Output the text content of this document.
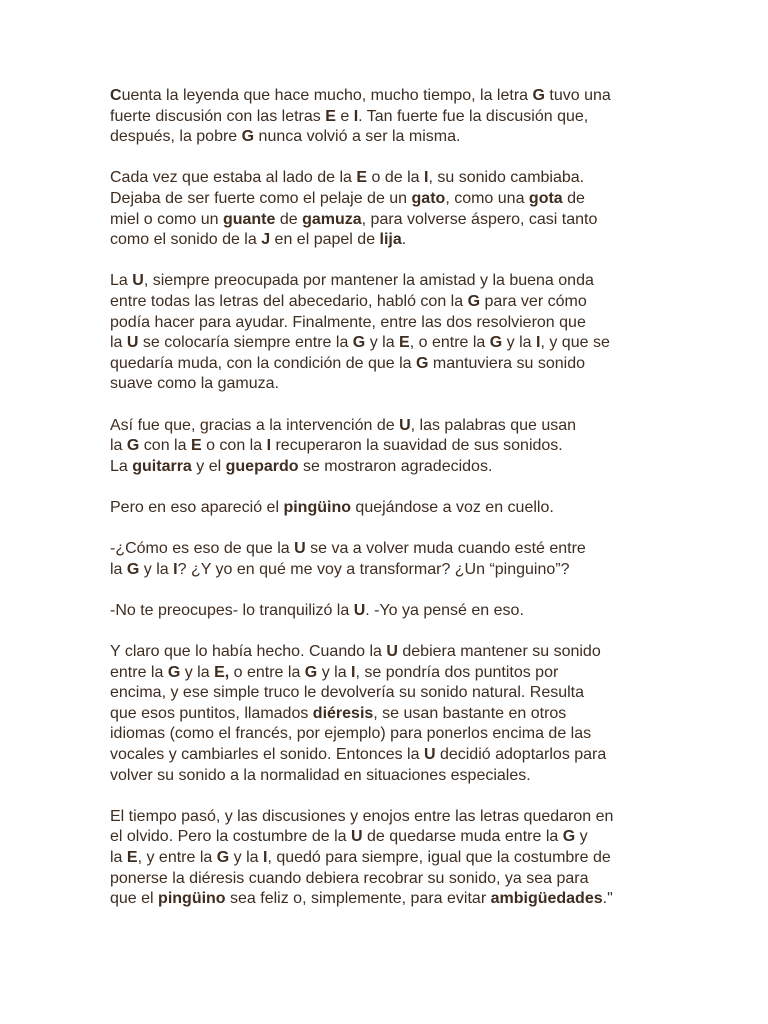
Cuenta la leyenda que hace mucho, mucho tiempo, la letra G tuvo una
fuerte discusión con las letras E e I. Tan fuerte fue la discusión que,
después, la pobre G nunca volvió a ser la misma.
Cada vez que estaba al lado de la E o de la I, su sonido cambiaba.
Dejaba de ser fuerte como el pelaje de un gato, como una gota de
miel o como un guante de gamuza, para volverse áspero, casi tanto
como el sonido de la J en el papel de lija.
La U, siempre preocupada por mantener la amistad y la buena onda
entre todas las letras del abecedario, habló con la G para ver cómo
podía hacer para ayudar. Finalmente, entre las dos resolvieron que
la U se colocaría siempre entre la G y la E, o entre la G y la I, y que se
quedaría muda, con la condición de que la G mantuviera su sonido
suave como la gamuza.
Así fue que, gracias a la intervención de U, las palabras que usan
la G con la E o con la I recuperaron la suavidad de sus sonidos.
La guitarra y el guepardo se mostraron agradecidos.
Pero en eso apareció el pingüino quejándose a voz en cuello.
-¿Cómo es eso de que la U se va a volver muda cuando esté entre
la G y la I? ¿Y yo en qué me voy a transformar? ¿Un “pinguino”?
-No te preocupes- lo tranquilizó la U. -Yo ya pensé en eso.
Y claro que lo había hecho. Cuando la U debiera mantener su sonido
entre la G y la E, o entre la G y la I, se pondría dos puntitos por
encima, y ese simple truco le devolvería su sonido natural. Resulta
que esos puntitos, llamados diéresis, se usan bastante en otros
idiomas (como el francés, por ejemplo) para ponerlos encima de las
vocales y cambiarles el sonido. Entonces la U decidió adoptarlos para
volver su sonido a la normalidad en situaciones especiales.
El tiempo pasó, y las discusiones y enojos entre las letras quedaron en
el olvido. Pero la costumbre de la U de quedarse muda entre la G y
la E, y entre la G y la I, quedó para siempre, igual que la costumbre de
ponerse la diéresis cuando debiera recobrar su sonido, ya sea para
que el pingüino sea feliz o, simplemente, para evitar ambigüedades."
